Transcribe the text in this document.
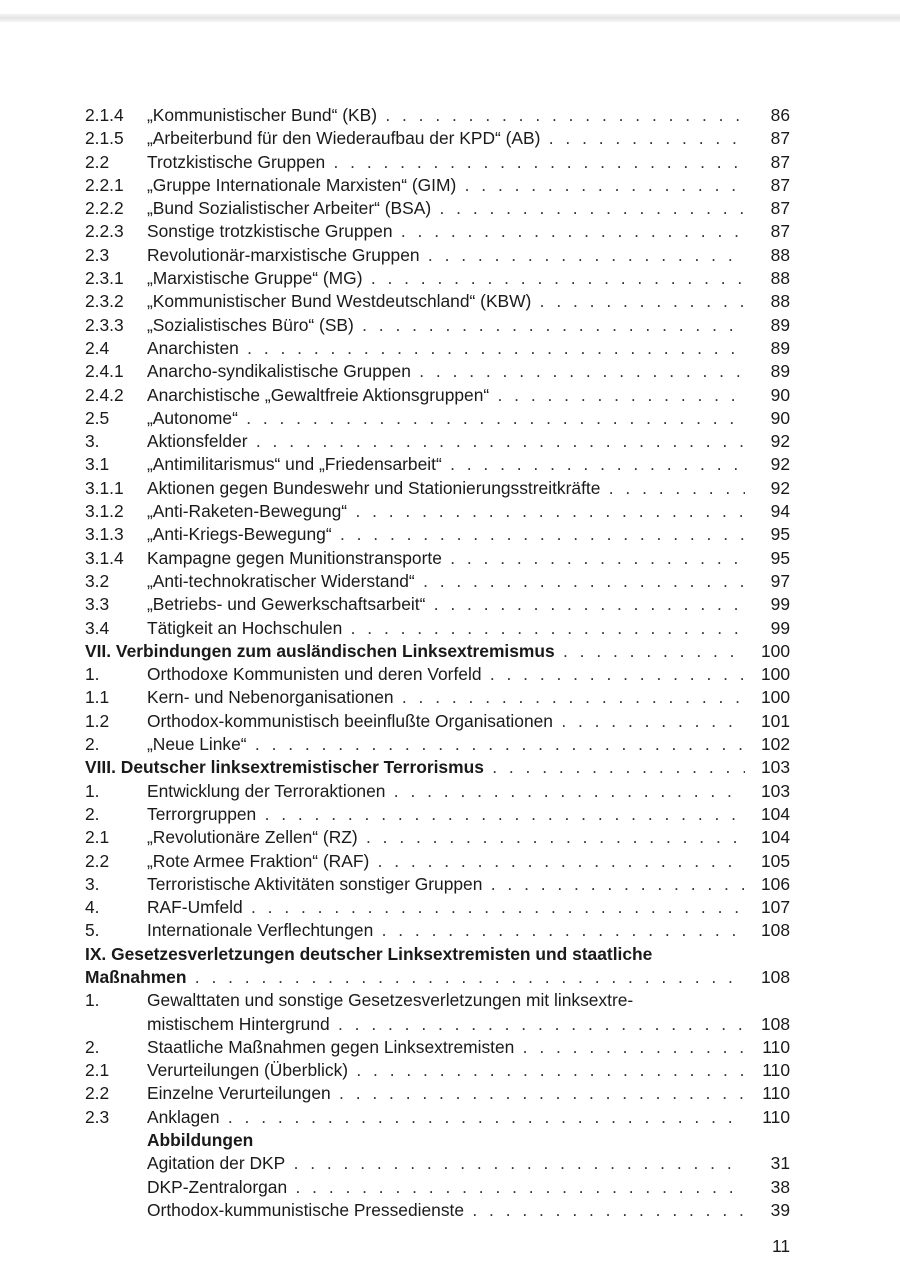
2.1.4 „Kommunistischer Bund“ (KB) . . .	86
2.1.5 „Arbeiterbund für den Wiederaufbau der KPD“ (AB) . . .	87
2.2 Trotzkistische Gruppen . . .	87
2.2.1 „Gruppe Internationale Marxisten“ (GIM) . . .	87
2.2.2 „Bund Sozialistischer Arbeiter“ (BSA) . . .	87
2.2.3 Sonstige trotzkistische Gruppen . . .	87
2.3 Revolutionär-marxistische Gruppen . . .	88
2.3.1 „Marxistische Gruppe“ (MG) . . .	88
2.3.2 „Kommunistischer Bund Westdeutschland“ (KBW) . . .	88
2.3.3 „Sozialistisches Büro“ (SB) . . .	89
2.4 Anarchisten . . .	89
2.4.1 Anarcho-syndikalistische Gruppen . . .	89
2.4.2 Anarchistische „Gewaltfreie Aktionsgruppen“ . . .	90
2.5 „Autonome“ . . .	90
3.	Aktionsfelder . . .	92
3.1 „Antimilitarismus“ und „Friedensarbeit“ . . .	92
3.1.1 Aktionen gegen Bundeswehr und Stationierungsstreitkräfte . . .	92
3.1.2 „Anti-Raketen-Bewegung“ . . .	94
3.1.3 „Anti-Kriegs-Bewegung“ . . .	95
3.1.4 Kampagne gegen Munitionstransporte . . .	95
3.2 „Anti-technokratischer Widerstand“ . . .	97
3.3 „Betriebs- und Gewerkschaftsarbeit“ . . .	99
3.4 Tätigkeit an Hochschulen . . .	99
VII. Verbindungen zum ausländischen Linksextremismus . . .	100
1.	Orthodoxe Kommunisten und deren Vorfeld . . .	100
1.1 Kern- und Nebenorganisationen . . .	100
1.2 Orthodox-kommunistisch beeinflußte Organisationen . . .	101
2.	„Neue Linke“ . . .	102
VIII. Deutscher linksextremistischer Terrorismus . . .	103
1.	Entwicklung der Terroraktionen . . .	103
2.	Terrorgruppen . . .	104
2.1 „Revolutionäre Zellen“ (RZ) . . .	104
2.2 „Rote Armee Fraktion“ (RAF) . . .	105
3.	Terroristische Aktivitäten sonstiger Gruppen . . .	106
4.	RAF-Umfeld . . .	107
5.	Internationale Verflechtungen . . .	108
IX. Gesetzesverletzungen deutscher Linksextremisten und staatliche
Maßnahmen . . .	108
1.	Gewalttaten und sonstige Gesetzesverletzungen mit linksextre-
mistischem Hintergrund . . .	108
2.	Staatliche Maßnahmen gegen Linksextremisten . . .	110
2.1 Verurteilungen (Überblick) . . .	110
2.2 Einzelne Verurteilungen . . .	110
2.3 Anklagen . . .	110
Abbildungen
Agitation der DKP . . .	31
DKP-Zentralorgan . . .	38
Orthodox-kummunistische Pressedienste . . .	39
11
